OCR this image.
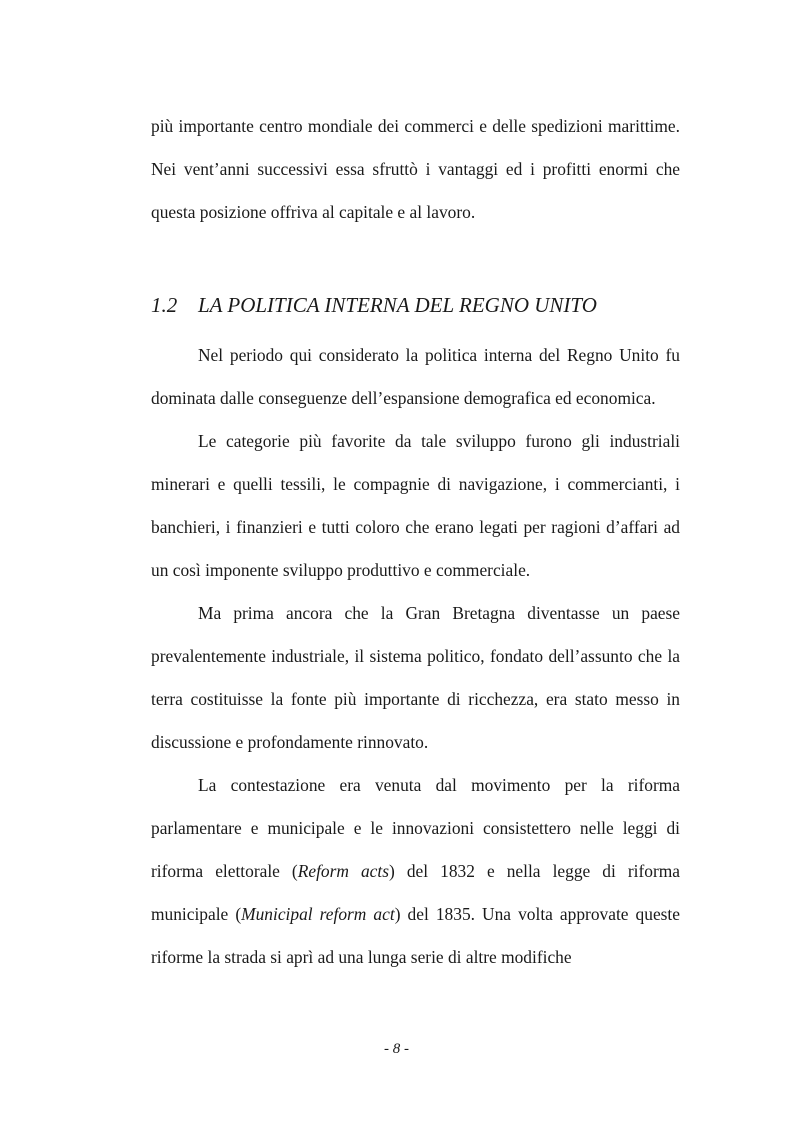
più importante centro mondiale dei commerci e delle spedizioni marittime. Nei vent’anni successivi essa sfruttò i vantaggi ed i profitti enormi che questa posizione offriva al capitale e al lavoro.

1.2 LA POLITICA INTERNA DEL REGNO UNITO

Nel periodo qui considerato la politica interna del Regno Unito fu dominata dalle conseguenze dell’espansione demografica ed economica.

Le categorie più favorite da tale sviluppo furono gli industriali minerari e quelli tessili, le compagnie di navigazione, i commercianti, i banchieri, i finanzieri e tutti coloro che erano legati per ragioni d’affari ad un così imponente sviluppo produttivo e commerciale.

Ma prima ancora che la Gran Bretagna diventasse un paese prevalentemente industriale, il sistema politico, fondato dell’assunto che la terra costituisse la fonte più importante di ricchezza, era stato messo in discussione e profondamente rinnovato.

La contestazione era venuta dal movimento per la riforma parlamentare e municipale e le innovazioni consistettero nelle leggi di riforma elettorale (Reform acts) del 1832 e nella legge di riforma municipale (Municipal reform act) del 1835. Una volta approvate queste riforme la strada si aprì ad una lunga serie di altre modifiche

- 8 -
